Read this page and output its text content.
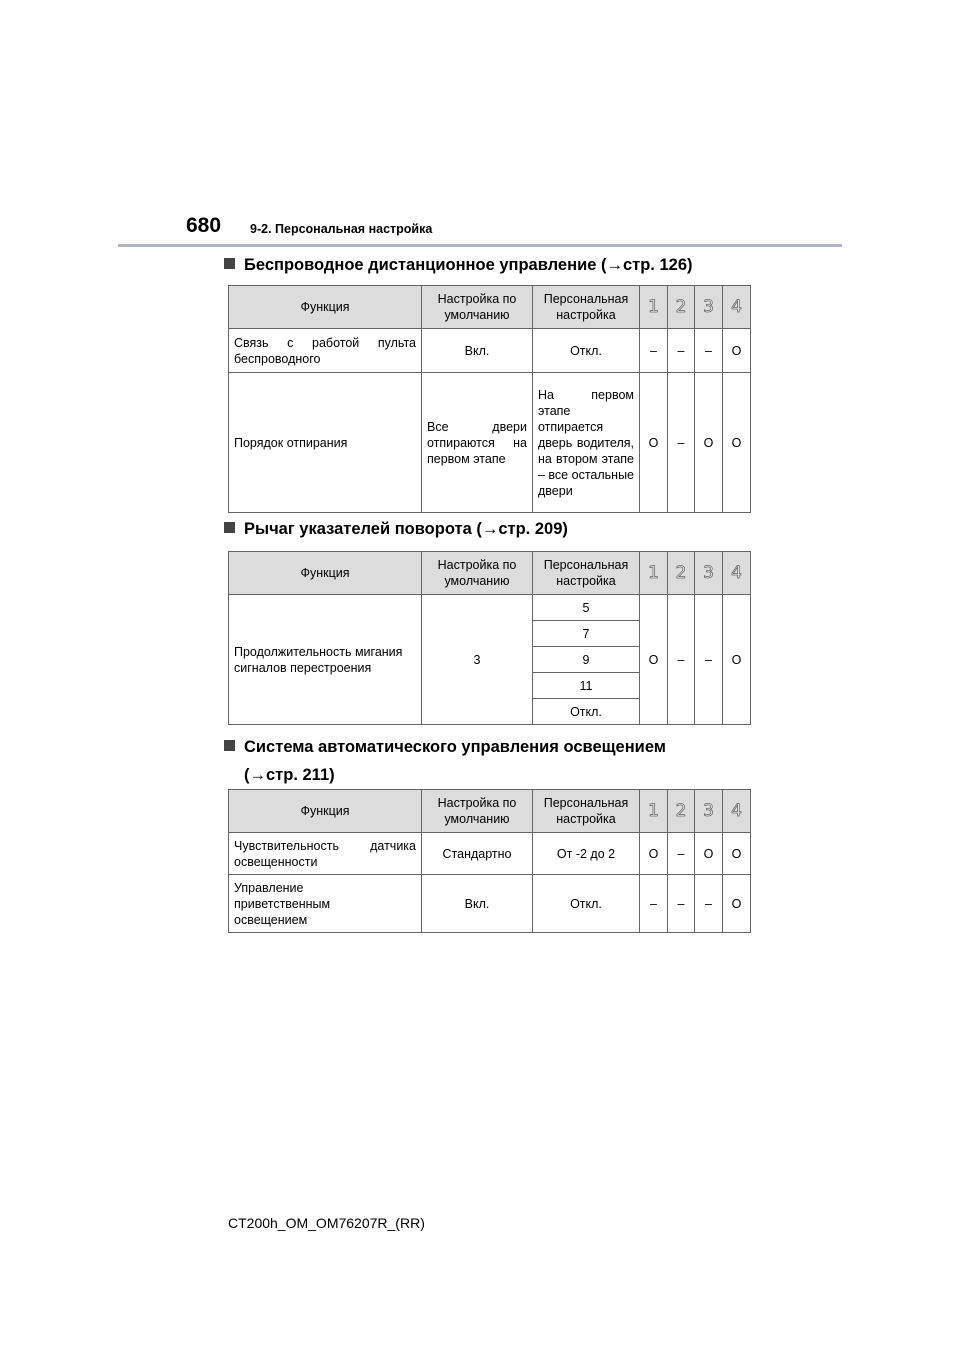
680 9-2. Персональная настройка
Беспроводное дистанционное управление (→стр. 126)
Функция	Настройка по умолчанию	Персональная настройка	1	2	3	4
Связь с работой пульта беспроводного	Вкл.	Откл.	–	–	–	O
Порядок отпирания	Все двери отпираются на первом этапе	На первом этапе отпирается дверь водителя, на втором этапе – все остальные двери	O	–	O	O
Рычаг указателей поворота (→стр. 209)
Функция	Настройка по умолчанию	Персональная настройка	1	2	3	4
Продолжительность мигания сигналов перестроения	3	5	O	–	–	O
		7				
		9				
		11				
		Откл.				
Система автоматического управления освещением
(→стр. 211)
Функция	Настройка по умолчанию	Персональная настройка	1	2	3	4
Чувствительность датчика освещенности	Стандартно	От -2 до 2	O	–	O	O
Управление приветственным освещением	Вкл.	Откл.	–	–	–	O
CT200h_OM_OM76207R_(RR)
